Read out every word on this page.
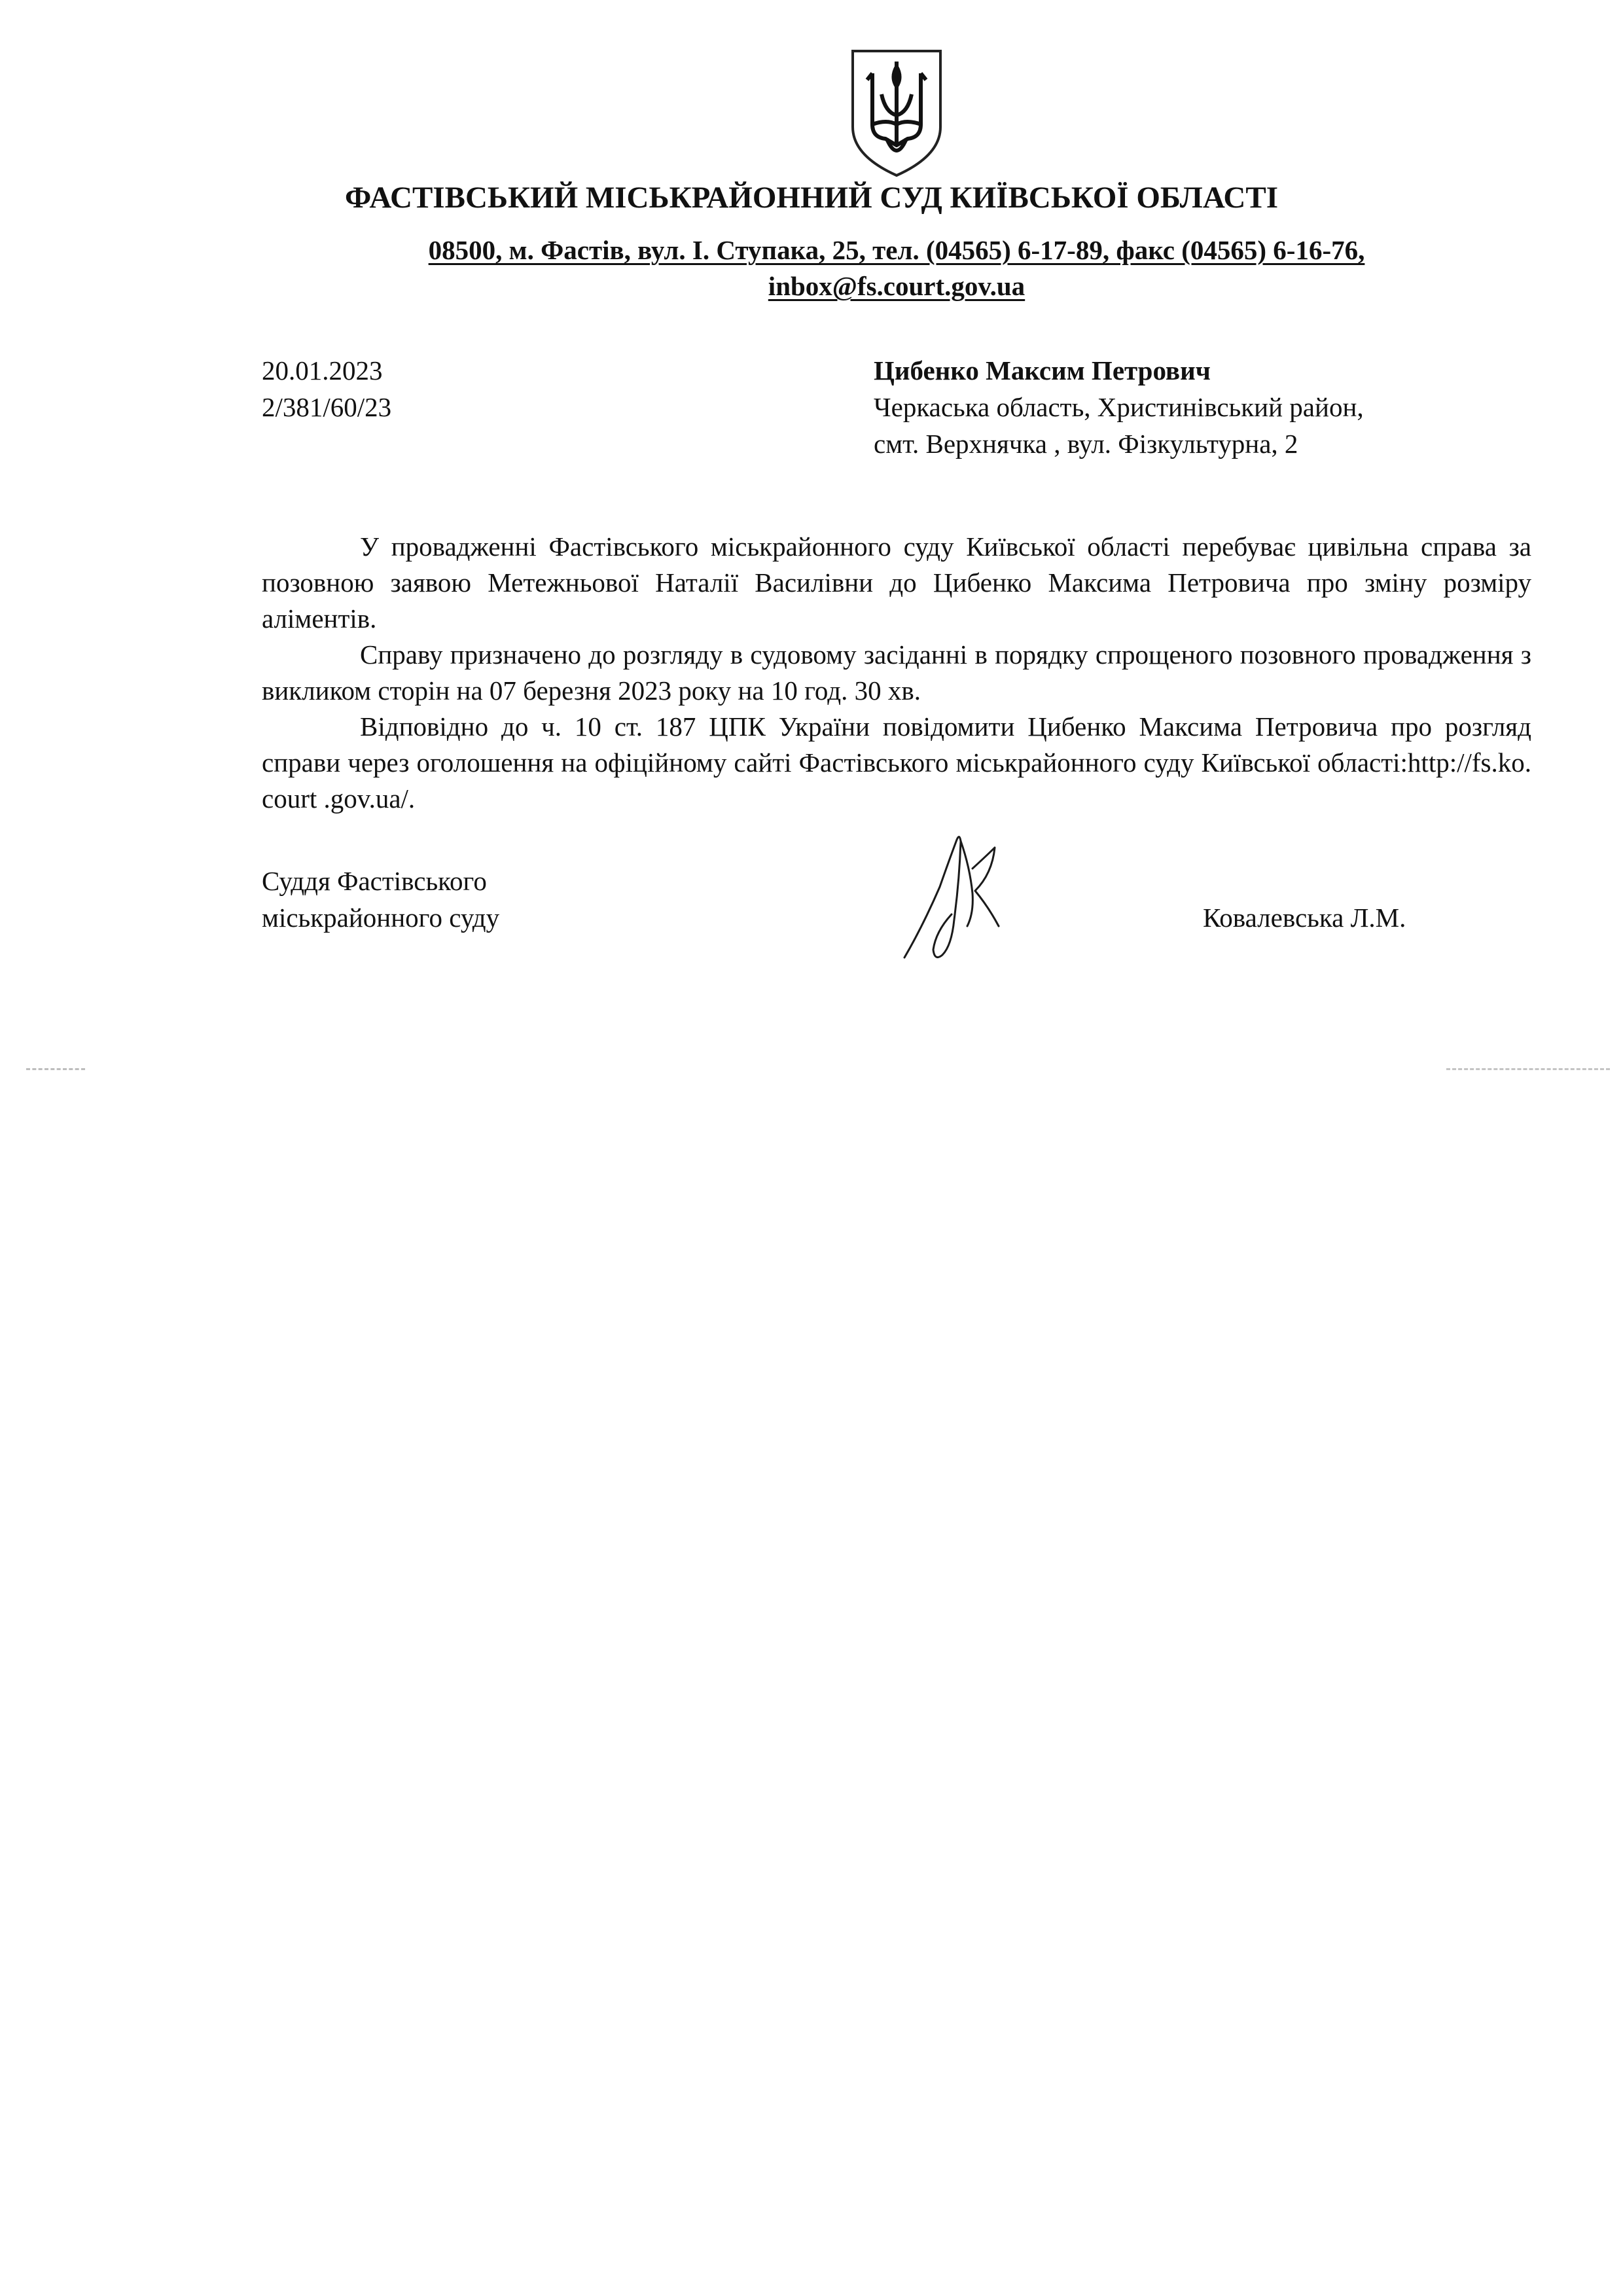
ФАСТІВСЬКИЙ МІСЬКРАЙОННИЙ СУД КИЇВСЬКОЇ ОБЛАСТІ
08500, м. Фастів, вул. І. Ступака, 25, тел. (04565) 6-17-89, факс (04565) 6-16-76,
inbox@fs.court.gov.ua
20.01.2023
2/381/60/23
Цибенко Максим Петрович
Черкаська область, Христинівський район,
смт. Верхнячка , вул. Фізкультурна, 2

У провадженні Фастівського міськрайонного суду Київської області перебуває цивільна справа за позовною заявою Метежньової Наталії Василівни до Цибенко Максима Петровича про зміну розміру аліментів.

Справу призначено до розгляду в судовому засіданні в порядку спрощеного позовного провадження з викликом сторін на 07 березня 2023 року на 10 год. 30 хв.

Відповідно до ч. 10 ст. 187 ЦПК України повідомити Цибенко Максима Петровича про розгляд справи через оголошення на офіційному сайті Фастівського міськрайонного суду Київської області:http://fs.ko. court .gov.ua/.

Суддя Фастівського
міськрайонного суду	Ковалевська Л.М.
